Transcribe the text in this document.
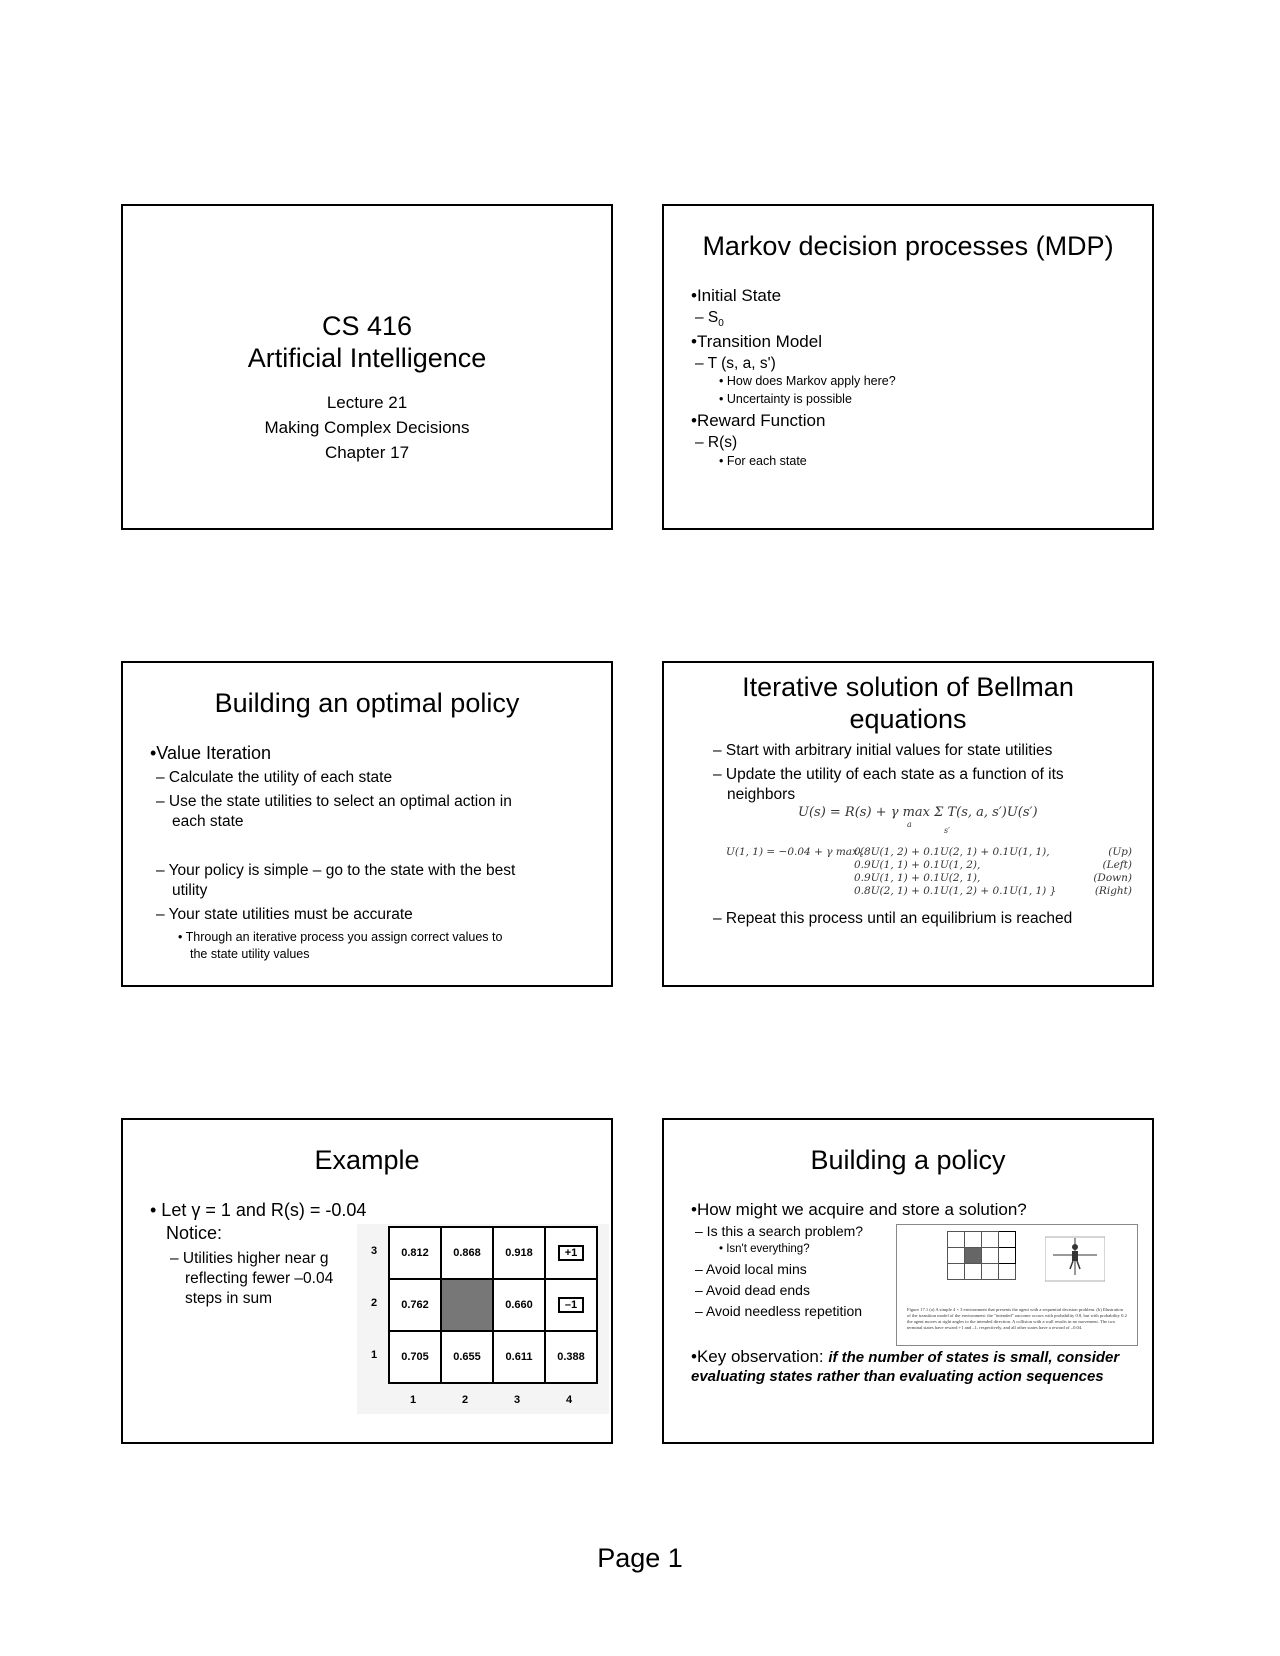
CS 416
Artificial Intelligence
Lecture 21
Making Complex Decisions
Chapter 17
Markov decision processes (MDP)
•Initial State
– $S_0$
•Transition Model
– T (s, a, s')
• How does Markov apply here?
• Uncertainty is possible
•Reward Function
– R(s)
• For each state
Building an optimal policy
•Value Iteration
– Calculate the utility of each state
– Use the state utilities to select an optimal action in
each state
– Your policy is simple – go to the state with the best
utility
– Your state utilities must be accurate
• Through an iterative process you assign correct values to
the state utility values
Iterative solution of Bellman
equations
– Start with arbitrary initial values for state utilities
– Update the utility of each state as a function of its
neighbors
U(s) = R(s) + γ max Σ T(s, a, s′)U(s′)
a
s′
U(1, 1) = −0.04 + γ max{
0.8U(1, 2) + 0.1U(2, 1) + 0.1U(1, 1),	(Up)
0.9U(1, 1) + 0.1U(1, 2),	(Left)
0.9U(1, 1) + 0.1U(2, 1),	(Down)
0.8U(2, 1) + 0.1U(1, 2) + 0.1U(1, 1) }	(Right)
– Repeat this process until an equilibrium is reached
Example
• Let γ = 1 and R(s) = -0.04
Notice:
– Utilities higher near g
reflecting fewer –0.04
steps in sum
3
2
1
0.812	0.868	0.918	+1
0.762		0.660	–1
0.705	0.655	0.611	0.388
1	2	3	4
Building a policy
•How might we acquire and store a solution?
– Is this a search problem?
• Isn't everything?
– Avoid local mins
– Avoid dead ends
– Avoid needless repetition

				Figure 17.1 (a) A simple 4 × 3 environment that presents the agent with a sequential decision problem. (b) Illustration of the transition model of the environment: the "intended" outcome occurs with probability 0.8, but with probability 0.2 the agent moves at right angles to the intended direction. A collision with a wall results in no movement. The two terminal states have reward +1 and –1, respectively, and all other states have a reward of –0.04.
•Key observation: if the number of states is small, consider
evaluating states rather than evaluating action sequences
Page 1
